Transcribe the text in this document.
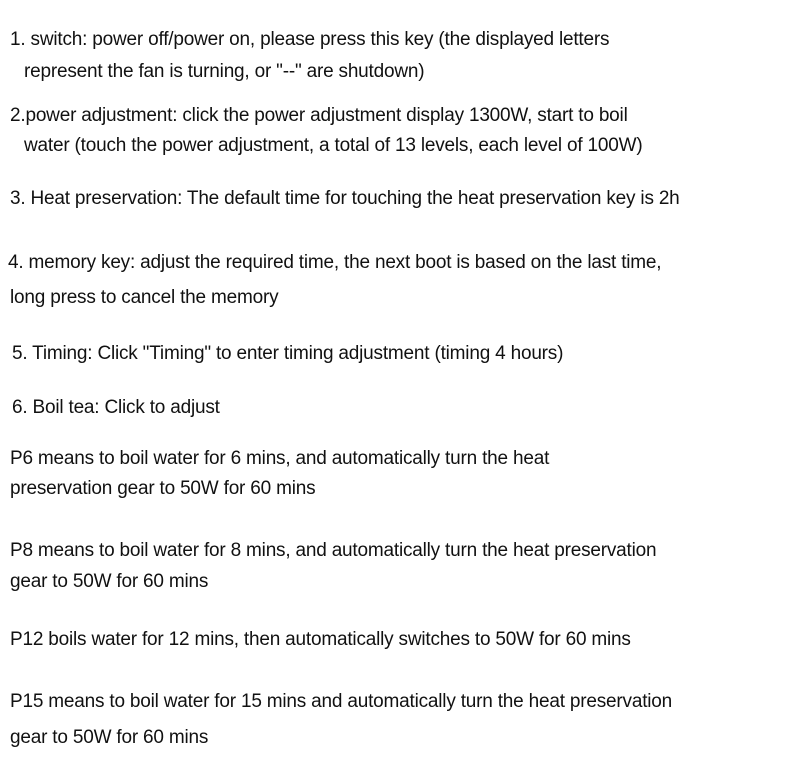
1. switch: power off/power on, please press this key (the displayed letters
represent the fan is turning, or "--" are shutdown)
2.power adjustment: click the power adjustment display 1300W, start to boil
water (touch the power adjustment, a total of 13 levels, each level of 100W)
3. Heat preservation: The default time for touching the heat preservation key is 2h
4. memory key: adjust the required time, the next boot is based on the last time,
long press to cancel the memory
5. Timing: Click "Timing" to enter timing adjustment (timing 4 hours)
6. Boil tea: Click to adjust
P6 means to boil water for 6 mins, and automatically turn the heat
preservation gear to 50W for 60 mins
P8 means to boil water for 8 mins, and automatically turn the heat preservation
gear to 50W for 60 mins
P12 boils water for 12 mins, then automatically switches to 50W for 60 mins
P15 means to boil water for 15 mins and automatically turn the heat preservation
gear to 50W for 60 mins
